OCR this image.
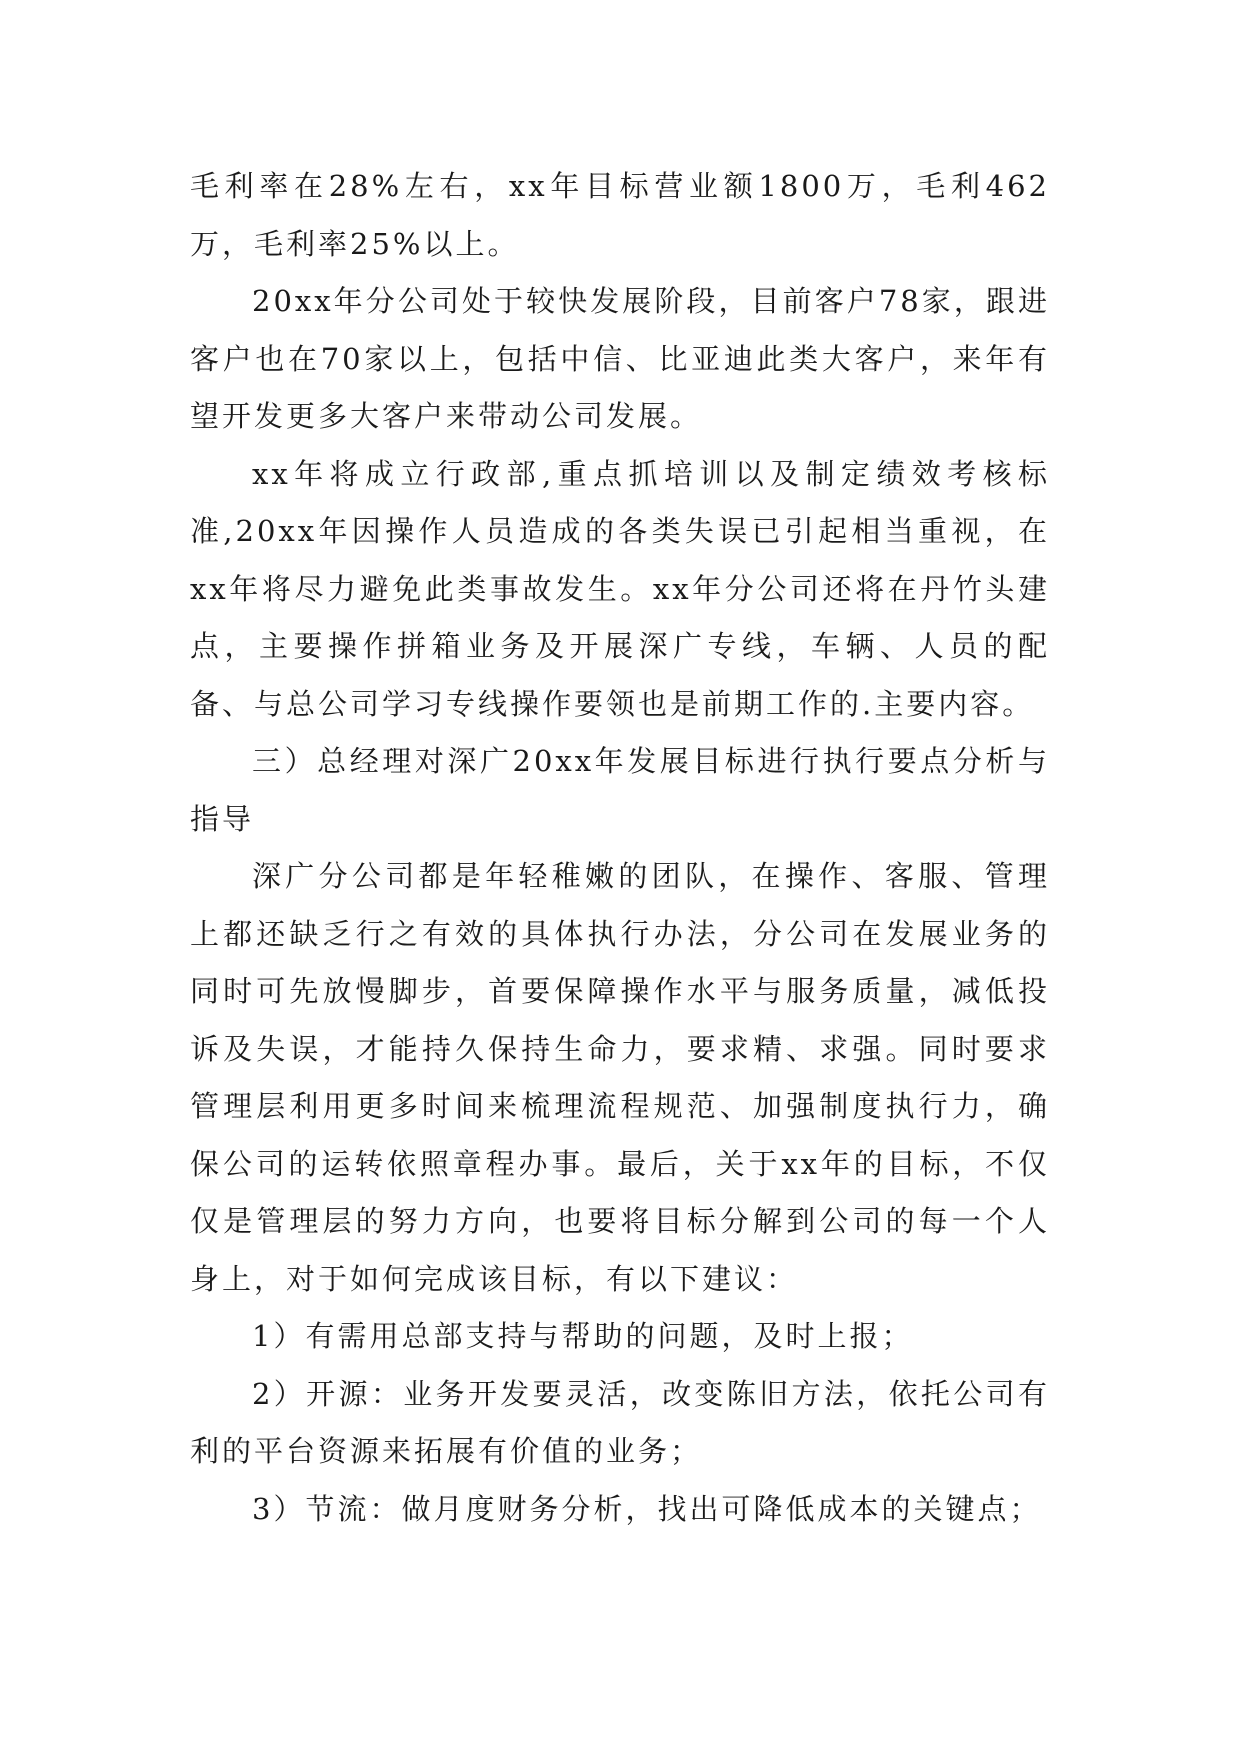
毛利率在28%左右，xx年目标营业额1800万，毛利462万，毛利率25%以上。

20xx年分公司处于较快发展阶段，目前客户78家，跟进客户也在70家以上，包括中信、比亚迪此类大客户，来年有望开发更多大客户来带动公司发展。

xx年将成立行政部,重点抓培训以及制定绩效考核标准,20xx年因操作人员造成的各类失误已引起相当重视，在xx年将尽力避免此类事故发生。xx年分公司还将在丹竹头建点，主要操作拼箱业务及开展深广专线，车辆、人员的配备、与总公司学习专线操作要领也是前期工作的.主要内容。

三）总经理对深广20xx年发展目标进行执行要点分析与指导

深广分公司都是年轻稚嫩的团队，在操作、客服、管理上都还缺乏行之有效的具体执行办法，分公司在发展业务的同时可先放慢脚步，首要保障操作水平与服务质量，减低投诉及失误，才能持久保持生命力，要求精、求强。同时要求管理层利用更多时间来梳理流程规范、加强制度执行力，确保公司的运转依照章程办事。最后，关于xx年的目标，不仅仅是管理层的努力方向，也要将目标分解到公司的每一个人身上，对于如何完成该目标，有以下建议：

1）有需用总部支持与帮助的问题，及时上报；

2）开源：业务开发要灵活，改变陈旧方法，依托公司有利的平台资源来拓展有价值的业务；

3）节流：做月度财务分析，找出可降低成本的关键点；
